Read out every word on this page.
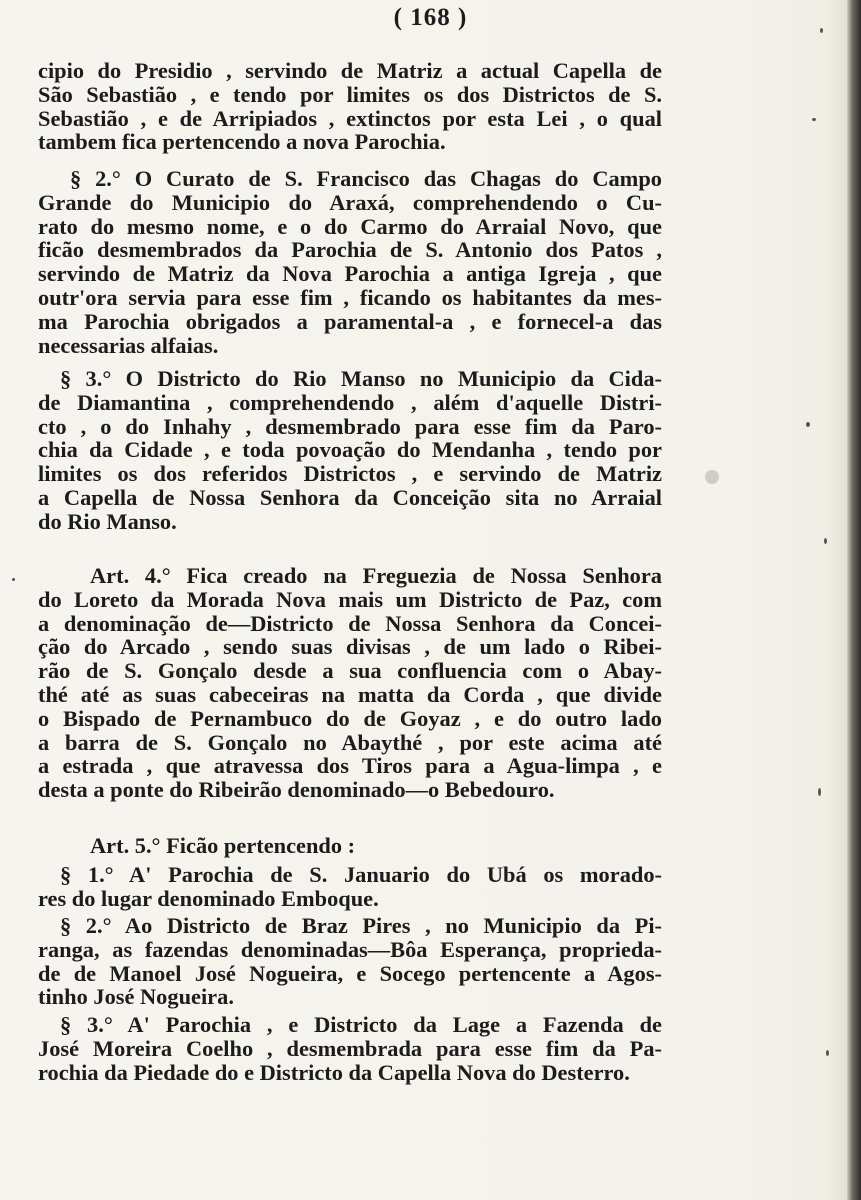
( 168 )
cipio do Presidio , servindo de Matriz a actual Capella de
São Sebastião , e tendo por limites os dos Districtos de S.
Sebastião , e de Arripiados , extinctos por esta Lei , o qual
tambem fica pertencendo a nova Parochia.
§ 2.° O Curato de S. Francisco das Chagas do Campo
Grande do Municipio do Araxá, comprehendendo o Cu-
rato do mesmo nome, e o do Carmo do Arraial Novo, que
ficão desmembrados da Parochia de S. Antonio dos Patos ,
servindo de Matriz da Nova Parochia a antiga Igreja , que
outr'ora servia para esse fim , ficando os habitantes da mes-
ma Parochia obrigados a paramental-a , e fornecel-a das
necessarias alfaias.
§ 3.° O Districto do Rio Manso no Municipio da Cida-
de Diamantina , comprehendendo , além d'aquelle Distri-
cto , o do Inhahy , desmembrado para esse fim da Paro-
chia da Cidade , e toda povoação do Mendanha , tendo por
limites os dos referidos Districtos , e servindo de Matriz
a Capella de Nossa Senhora da Conceição sita no Arraial
do Rio Manso.
Art. 4.° Fica creado na Freguezia de Nossa Senhora
do Loreto da Morada Nova mais um Districto de Paz, com
a denominação de—Districto de Nossa Senhora da Concei-
ção do Arcado , sendo suas divisas , de um lado o Ribei-
rão de S. Gonçalo desde a sua confluencia com o Abay-
thé até as suas cabeceiras na matta da Corda , que divide
o Bispado de Pernambuco do de Goyaz , e do outro lado
a barra de S. Gonçalo no Abaythé , por este acima até
a estrada , que atravessa dos Tiros para a Agua-limpa , e
desta a ponte do Ribeirão denominado—o Bebedouro.
Art. 5.° Ficão pertencendo :
§ 1.° A' Parochia de S. Januario do Ubá os morado-
res do lugar denominado Emboque.
§ 2.° Ao Districto de Braz Pires , no Municipio da Pi-
ranga, as fazendas denominadas—Bôa Esperança, proprieda-
de de Manoel José Nogueira, e Socego pertencente a Agos-
tinho José Nogueira.
§ 3.° A' Parochia , e Districto da Lage a Fazenda de
José Moreira Coelho , desmembrada para esse fim da Pa-
rochia da Piedade do e Districto da Capella Nova do Desterro.
